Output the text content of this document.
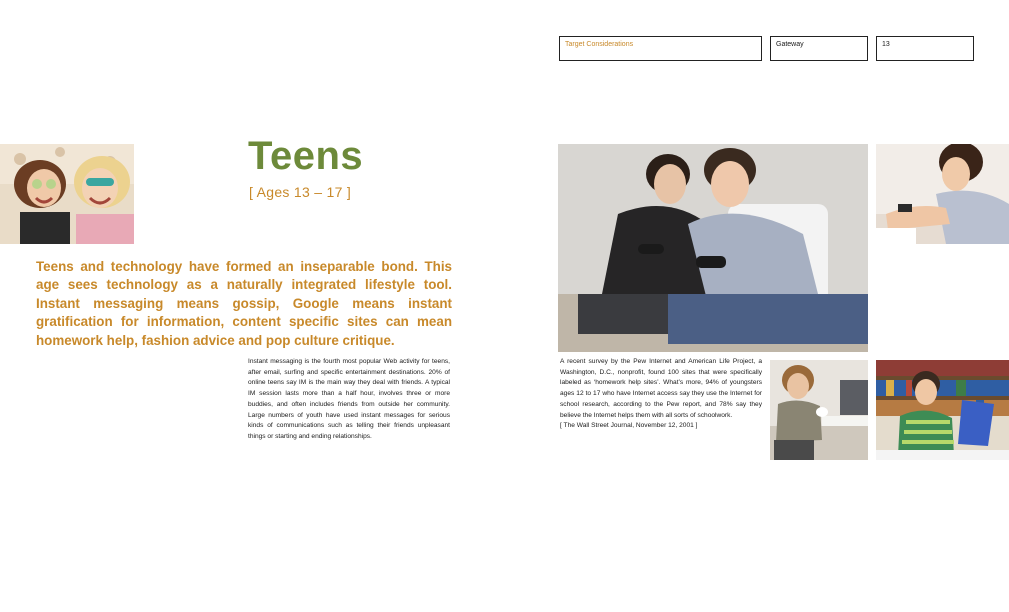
Target Considerations	Gateway	13
Teens
[ Ages 13 – 17 ]

Teens and technology have formed an inseparable bond. This age sees technology as a naturally integrated lifestyle tool. Instant messaging means gossip, Google means instant gratification for information, content specific sites can mean homework help, fashion advice and pop culture critique.

Instant messaging is the fourth most popular Web activity for teens, after email, surfing and specific entertainment destinations. 20% of online teens say IM is the main way they deal with friends. A typical IM session lasts more than a half hour, involves three or more buddies, and often includes friends from outside her community. Large numbers of youth have used instant messages for serious kinds of communications such as telling their friends unpleasant things or starting and ending relationships.

A recent survey by the Pew Internet and American Life Project, a Washington, D.C., nonprofit, found 100 sites that were specifically labeled as ‘homework help sites’. What’s more, 94% of youngsters ages 12 to 17 who have Internet access say they use the Internet for school research, according to the Pew report, and 78% say they believe the Internet helps them with all sorts of schoolwork.
[ The Wall Street Journal, November 12, 2001 ]
